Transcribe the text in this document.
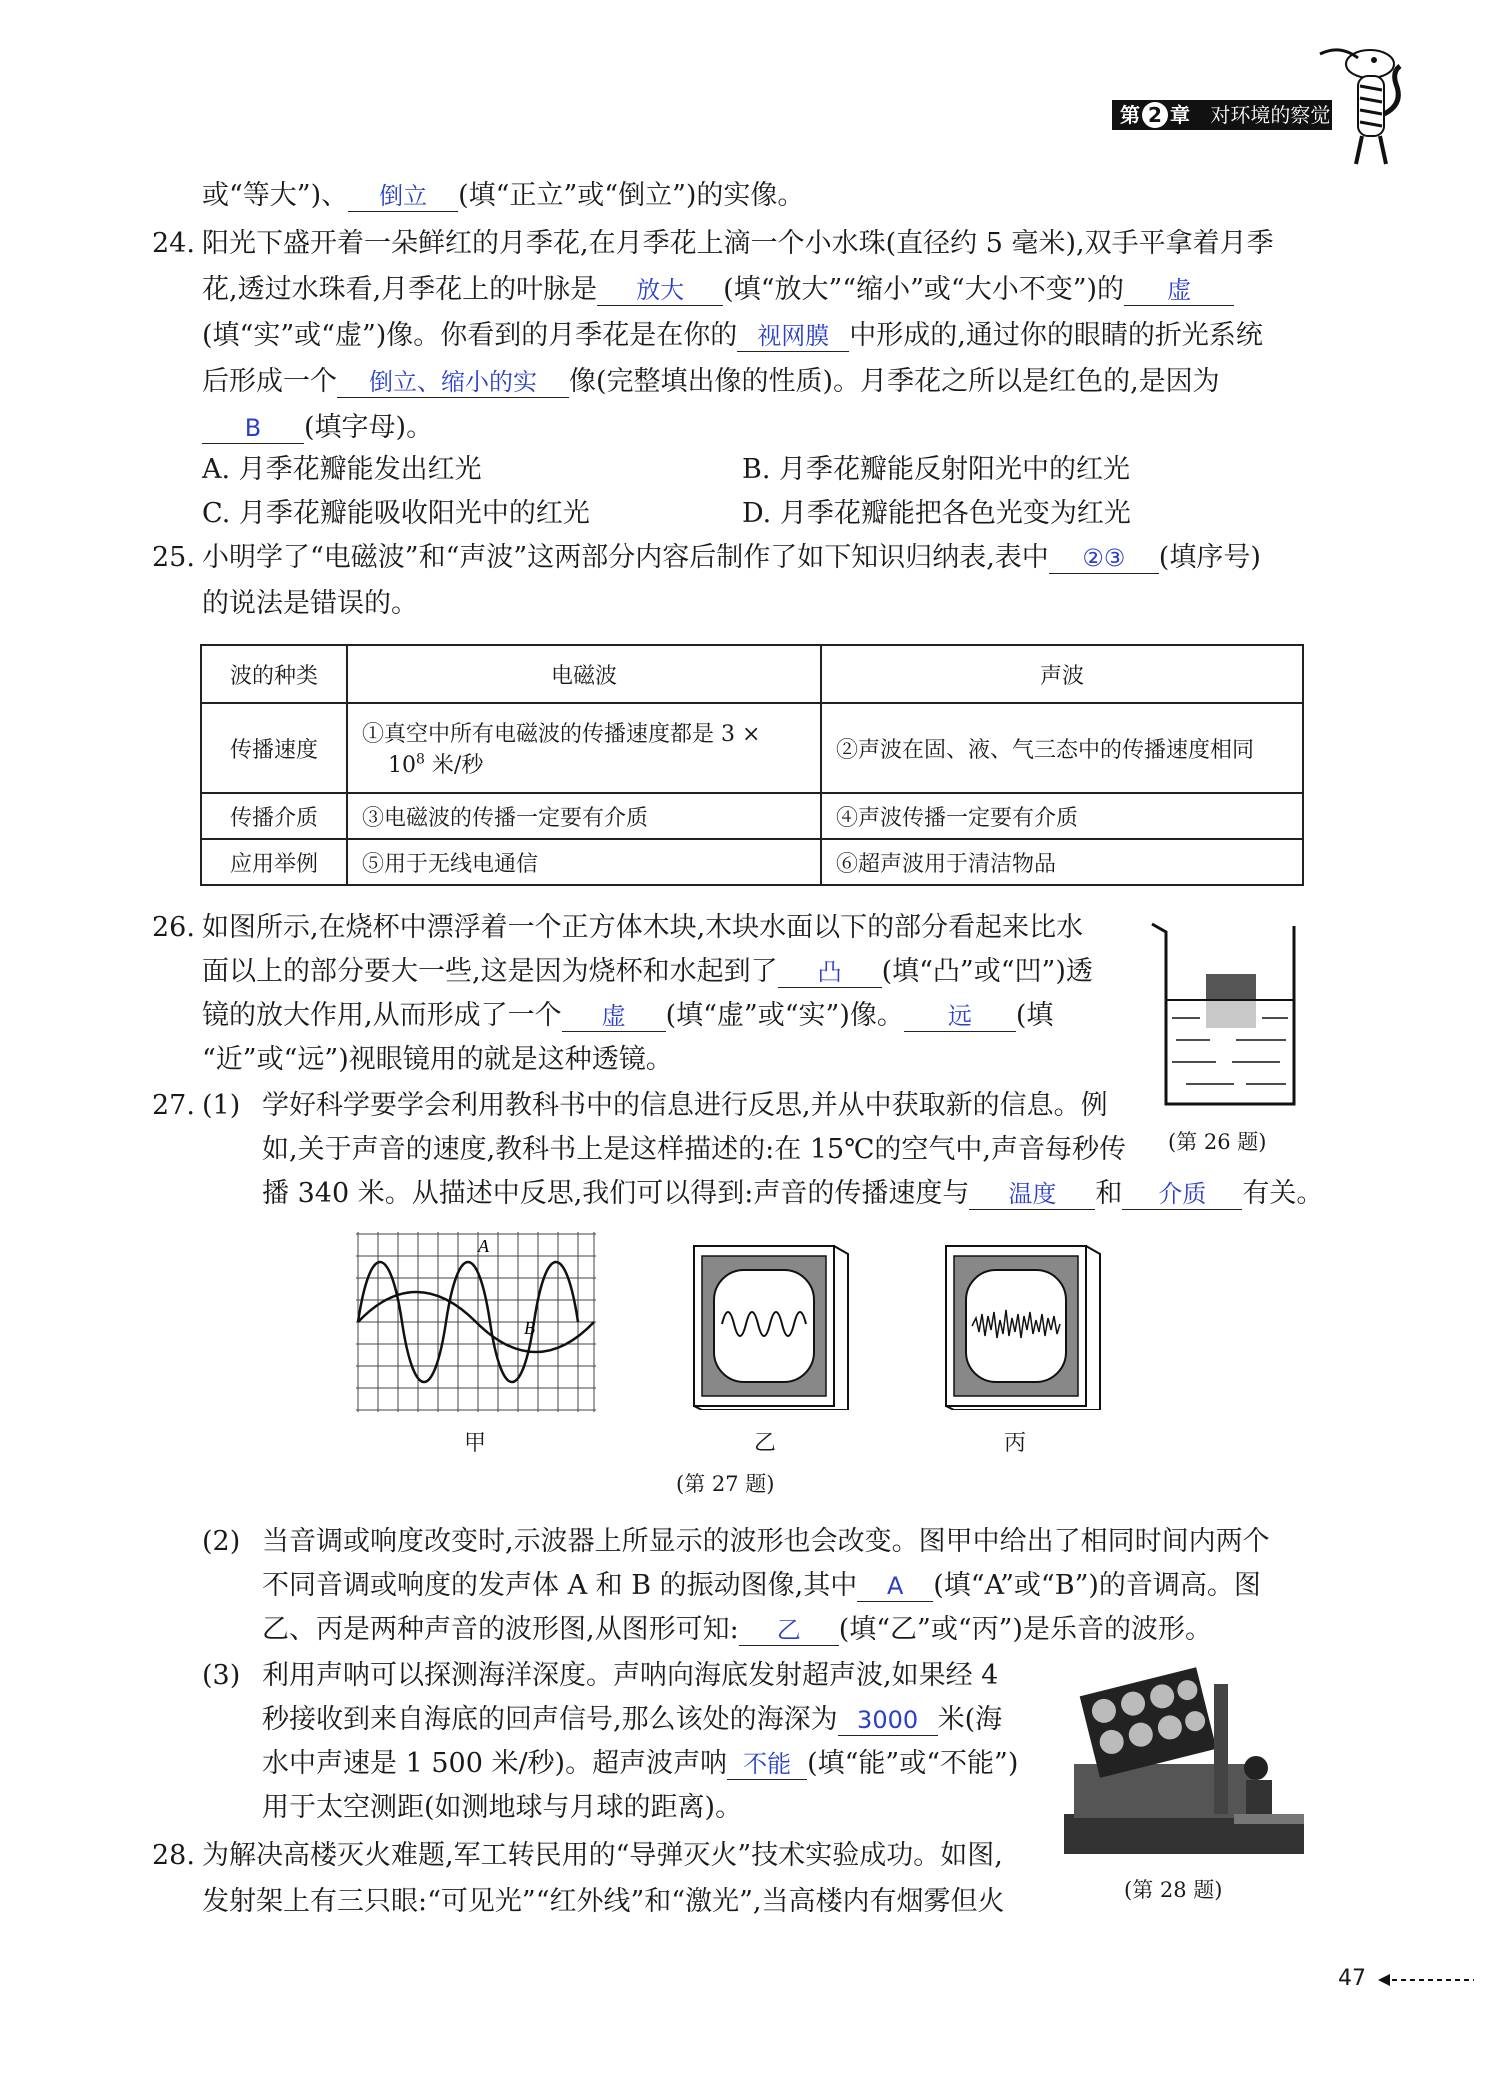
第 2 章 对环境的察觉
或“等大”)、 倒立 (填“正立”或“倒立”)的实像。
24. 阳光下盛开着一朵鲜红的月季花,在月季花上滴一个小水珠(直径约 5 毫米),双手平拿着月季
花,透过水珠看,月季花上的叶脉是 放大 (填“放大”“缩小”或“大小不变”)的 虚
(填“实”或“虚”)像。你看到的月季花是在你的 视网膜 中形成的,通过你的眼睛的折光系统
后形成一个 倒立、缩小的实 像(完整填出像的性质)。月季花之所以是红色的,是因为
B (填字母)。
A. 月季花瓣能发出红光	B. 月季花瓣能反射阳光中的红光
C. 月季花瓣能吸收阳光中的红光	D. 月季花瓣能把各色光变为红光
25. 小明学了“电磁波”和“声波”这两部分内容后制作了如下知识归纳表,表中 ②③ (填序号)
的说法是错误的。
波的种类	电磁波	声波
传播速度	①真空中所有电磁波的传播速度都是 3 ×
$10^8$ 米/秒	②声波在固、液、气三态中的传播速度相同
传播介质	③电磁波的传播一定要有介质	④声波传播一定要有介质
应用举例	⑤用于无线电通信	⑥超声波用于清洁物品
26. 如图所示,在烧杯中漂浮着一个正方体木块,木块水面以下的部分看起来比水
面以上的部分要大一些,这是因为烧杯和水起到了 凸 (填“凸”或“凹”)透
镜的放大作用,从而形成了一个 虚 (填“虚”或“实”)像。 远 (填
“近”或“远”)视眼镜用的就是这种透镜。
(第 26 题)
27. (1) 学好科学要学会利用教科书中的信息进行反思,并从中获取新的信息。例
如,关于声音的速度,教科书上是这样描述的:在 15℃的空气中,声音每秒传
播 340 米。从描述中反思,我们可以得到:声音的传播速度与 温度 和 介质 有关。
A
B
甲	乙	丙
(第 27 题)
(2) 当音调或响度改变时,示波器上所显示的波形也会改变。图甲中给出了相同时间内两个
不同音调或响度的发声体 A 和 B 的振动图像,其中 A (填“A”或“B”)的音调高。图
乙、丙是两种声音的波形图,从图形可知: 乙 (填“乙”或“丙”)是乐音的波形。
(3) 利用声呐可以探测海洋深度。声呐向海底发射超声波,如果经 4
秒接收到来自海底的回声信号,那么该处的海深为 3000 米(海
水中声速是 1 500 米/秒)。超声波声呐 不能 (填“能”或“不能”)
用于太空测距(如测地球与月球的距离)。
28. 为解决高楼灭火难题,军工转民用的“导弹灭火”技术实验成功。如图,
发射架上有三只眼:“可见光”“红外线”和“激光”,当高楼内有烟雾但火	(第 28 题)
47
